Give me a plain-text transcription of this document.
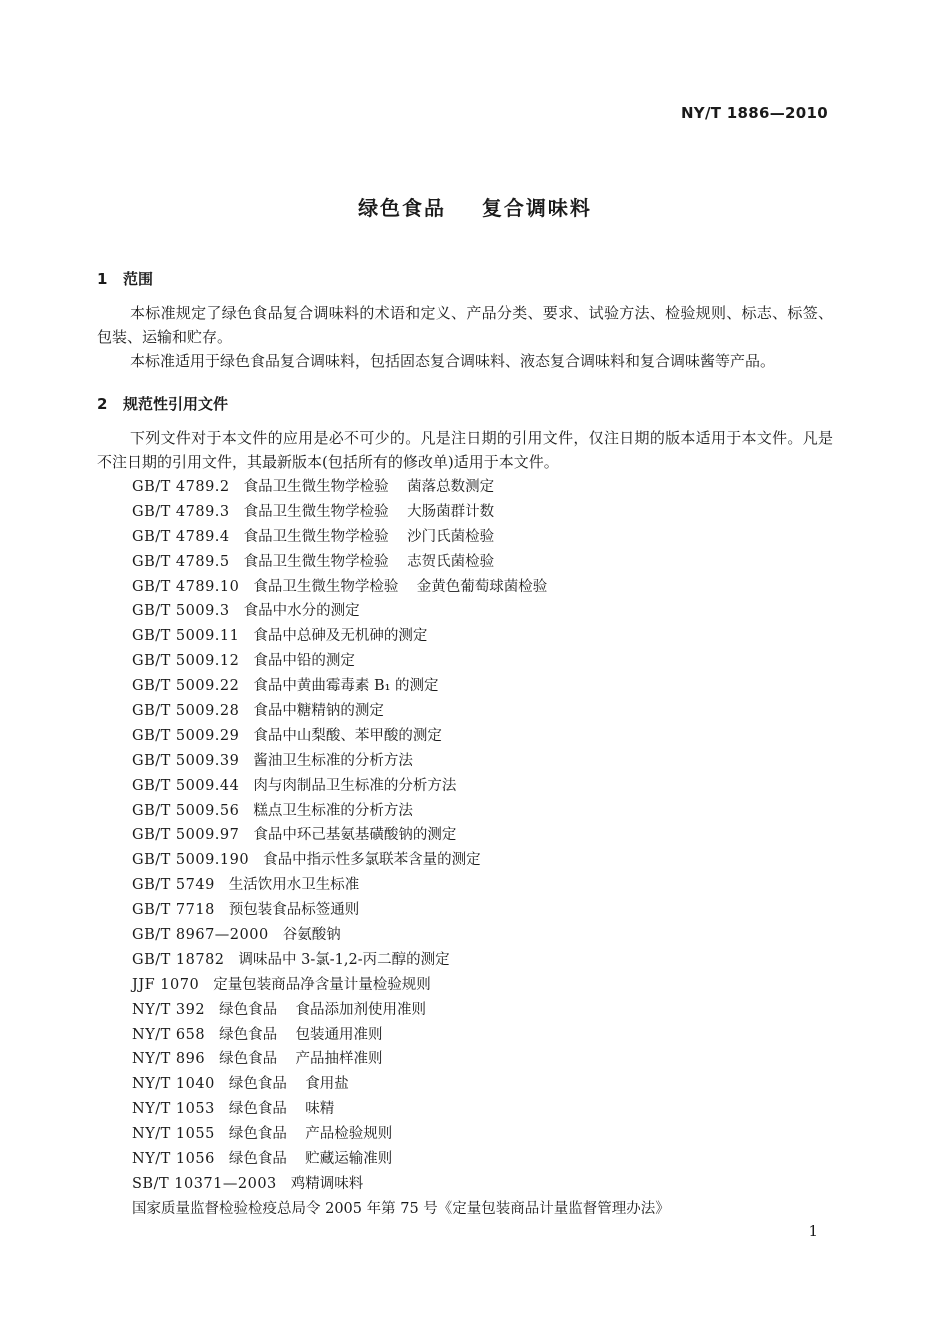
NY/T 1886—2010
绿色食品    复合调味料
1 范围

本标准规定了绿色食品复合调味料的术语和定义、产品分类、要求、试验方法、检验规则、标志、标签、包装、运输和贮存。

本标准适用于绿色食品复合调味料，包括固态复合调味料、液态复合调味料和复合调味酱等产品。

2 规范性引用文件

下列文件对于本文件的应用是必不可少的。凡是注日期的引用文件，仅注日期的版本适用于本文件。凡是不注日期的引用文件，其最新版本(包括所有的修改单)适用于本文件。

GB/T 4789.2 食品卫生微生物学检验    菌落总数测定
GB/T 4789.3 食品卫生微生物学检验    大肠菌群计数
GB/T 4789.4 食品卫生微生物学检验    沙门氏菌检验
GB/T 4789.5 食品卫生微生物学检验    志贺氏菌检验
GB/T 4789.10 食品卫生微生物学检验    金黄色葡萄球菌检验
GB/T 5009.3 食品中水分的测定
GB/T 5009.11 食品中总砷及无机砷的测定
GB/T 5009.12 食品中铅的测定
GB/T 5009.22 食品中黄曲霉毒素 B₁ 的测定
GB/T 5009.28 食品中糖精钠的测定
GB/T 5009.29 食品中山梨酸、苯甲酸的测定
GB/T 5009.39 酱油卫生标准的分析方法
GB/T 5009.44 肉与肉制品卫生标准的分析方法
GB/T 5009.56 糕点卫生标准的分析方法
GB/T 5009.97 食品中环己基氨基磺酸钠的测定
GB/T 5009.190 食品中指示性多氯联苯含量的测定
GB/T 5749 生活饮用水卫生标准
GB/T 7718 预包装食品标签通则
GB/T 8967—2000 谷氨酸钠
GB/T 18782 调味品中 3-氯-1,2-丙二醇的测定
JJF 1070 定量包装商品净含量计量检验规则
NY/T 392 绿色食品    食品添加剂使用准则
NY/T 658 绿色食品    包装通用准则
NY/T 896 绿色食品    产品抽样准则
NY/T 1040 绿色食品    食用盐
NY/T 1053 绿色食品    味精
NY/T 1055 绿色食品    产品检验规则
NY/T 1056 绿色食品    贮藏运输准则
SB/T 10371—2003 鸡精调味料
国家质量监督检验检疫总局令 2005 年第 75 号《定量包装商品计量监督管理办法》
1
